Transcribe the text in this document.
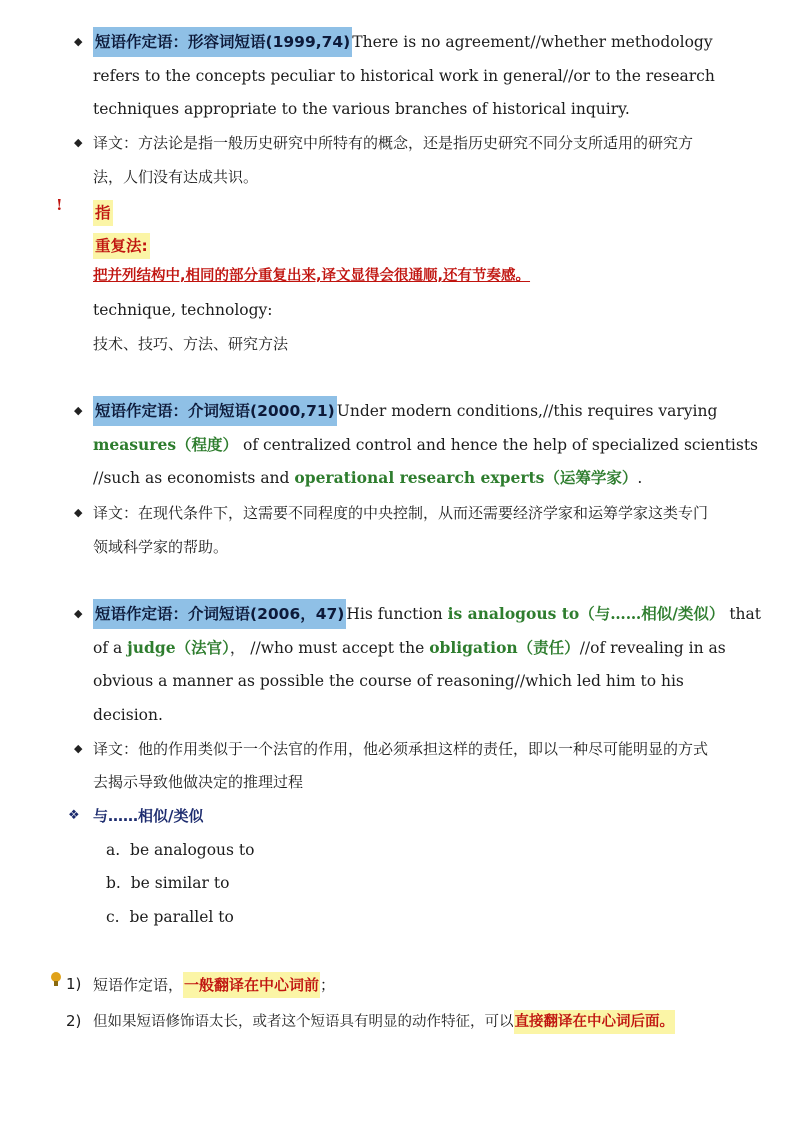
◆ 短语作定语：形容词短语(1999,74) There is no agreement//whether methodology
refers to the concepts peculiar to historical work in general//or to the research
techniques appropriate to the various branches of historical inquiry.
◆ 译文：方法论是指一般历史研究中所特有的概念，还是指历史研究不同分支所适用的研究方
法，人们没有达成共识。
! 指
重复法:
把并列结构中,相同的部分重复出来,译文显得会很通顺,还有节奏感。
technique, technology:
技术、技巧、方法、研究方法
◆ 短语作定语：介词短语(2000,71) Under modern conditions,//this requires varying
measures（程度） of centralized control and hence the help of specialized scientists
//such as economists and operational research experts（运筹学家）.
◆ 译文：在现代条件下，这需要不同程度的中央控制，从而还需要经济学家和运筹学家这类专门
领域科学家的帮助。
◆ 短语作定语：介词短语(2006，47) His function is analogous to（与……相似/类似） that
of a judge（法官）， //who must accept the obligation（责任）//of revealing in as
obvious a manner as possible the course of reasoning//which led him to his
decision.
◆ 译文：他的作用类似于一个法官的作用，他必须承担这样的责任，即以一种尽可能明显的方式
去揭示导致他做决定的推理过程
❖ 与……相似/类似
a. be analogous to
b. be similar to
c. be parallel to
1) 短语作定语，一般翻译在中心词前；
2) 但如果短语修饰语太长，或者这个短语具有明显的动作特征，可以直接翻译在中心词后面。
